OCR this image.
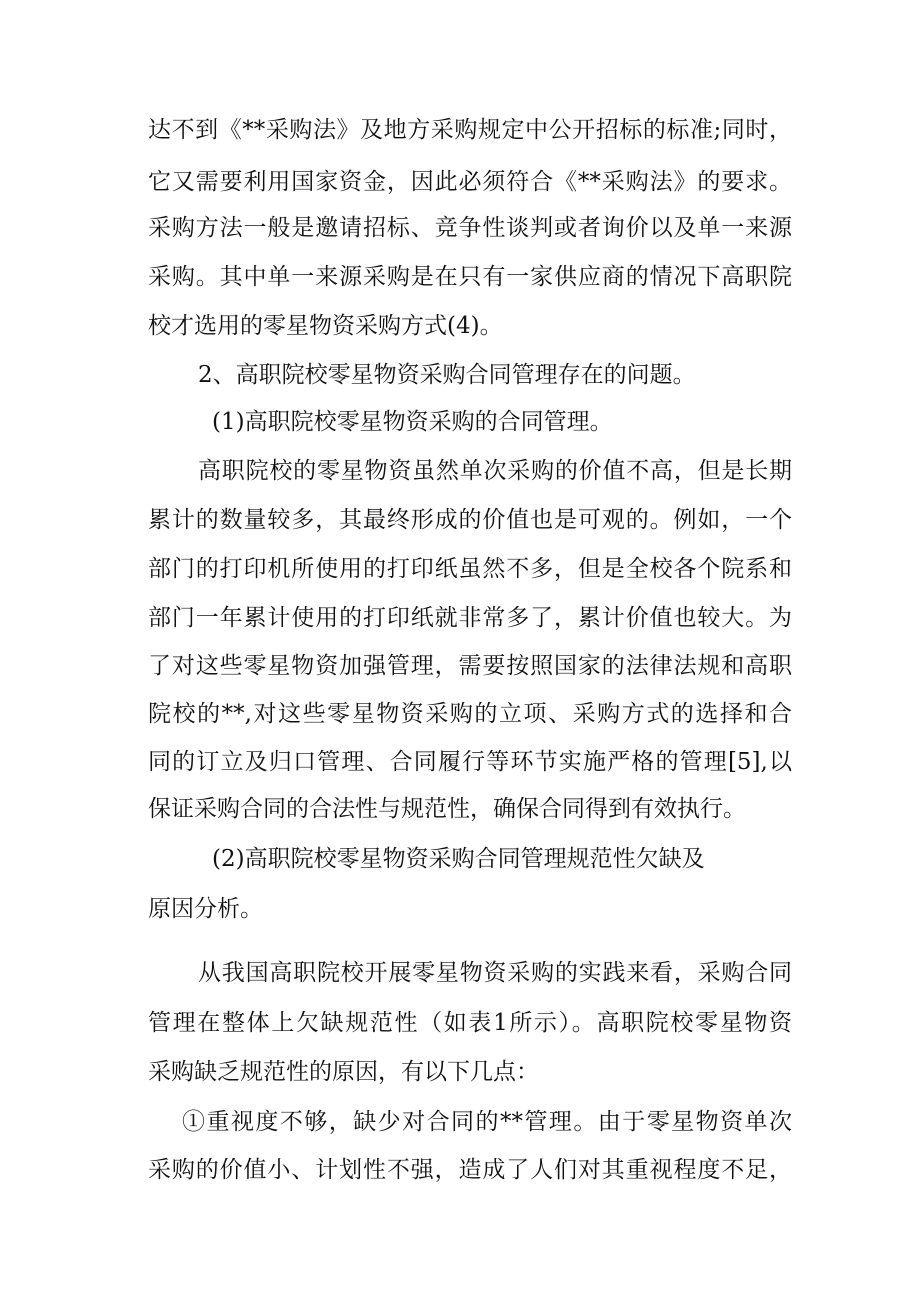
达不到《**采购法》及地方采购规定中公开招标的标准;同时，

它又需要利用国家资金，因此必须符合《**采购法》的要求。

采购方法一般是邀请招标、竞争性谈判或者询价以及单一来源

采购。其中单一来源采购是在只有一家供应商的情况下高职院

校才选用的零星物资采购方式(4)。

2、高职院校零星物资采购合同管理存在的问题。

(1)高职院校零星物资采购的合同管理。

高职院校的零星物资虽然单次采购的价值不高，但是长期

累计的数量较多，其最终形成的价值也是可观的。例如，一个

部门的打印机所使用的打印纸虽然不多，但是全校各个院系和

部门一年累计使用的打印纸就非常多了，累计价值也较大。为

了对这些零星物资加强管理，需要按照国家的法律法规和高职

院校的**,对这些零星物资采购的立项、采购方式的选择和合

同的订立及归口管理、合同履行等环节实施严格的管理[5],以

保证采购合同的合法性与规范性，确保合同得到有效执行。

(2)高职院校零星物资采购合同管理规范性欠缺及

原因分析。

从我国高职院校开展零星物资采购的实践来看，采购合同

管理在整体上欠缺规范性（如表1所示）。高职院校零星物资

采购缺乏规范性的原因，有以下几点：

①重视度不够，缺少对合同的**管理。由于零星物资单次

采购的价值小、计划性不强，造成了人们对其重视程度不足，
